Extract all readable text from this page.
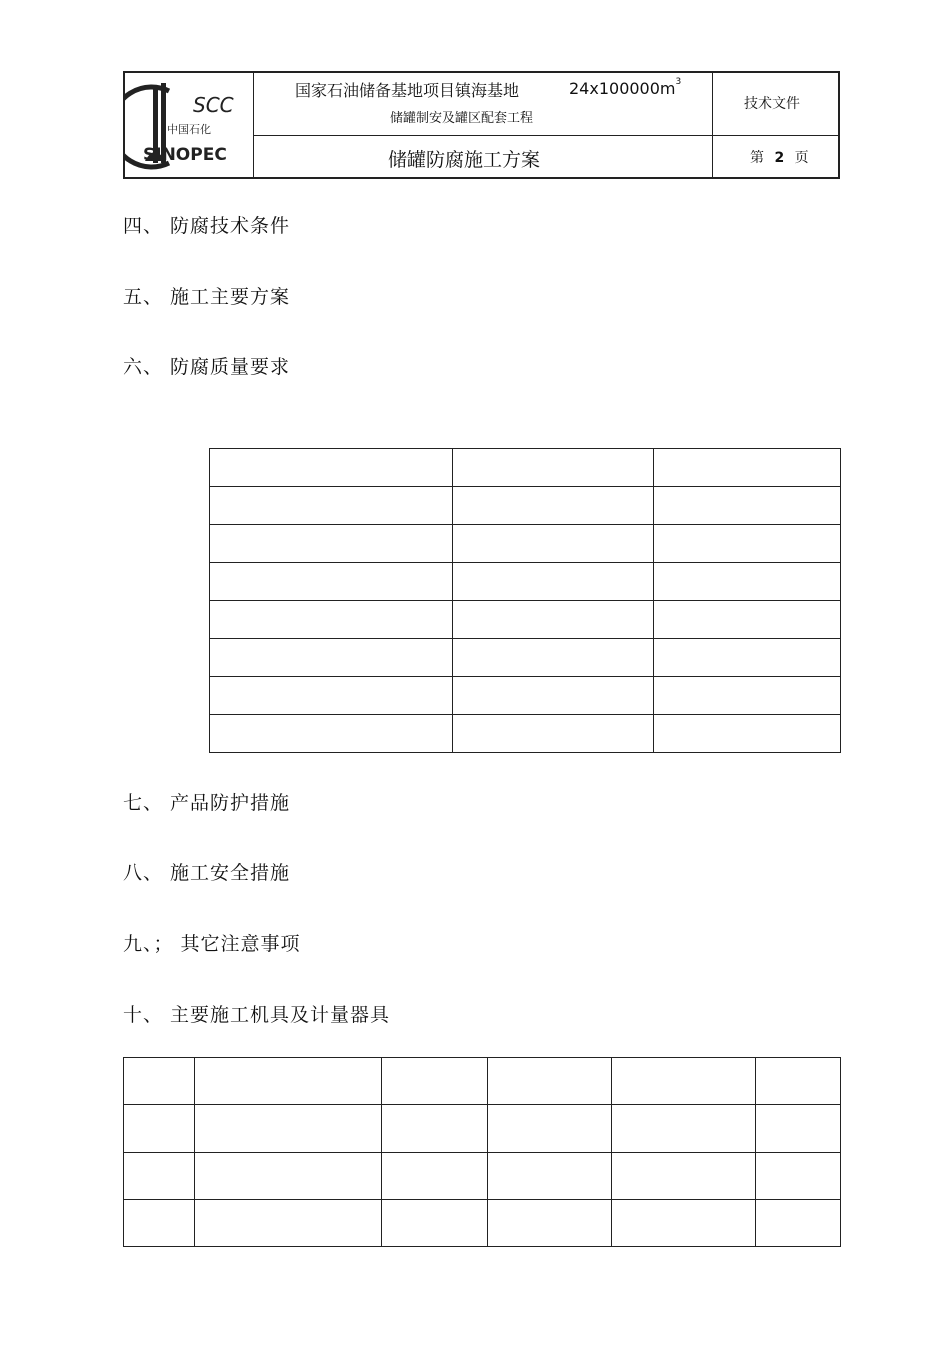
SCC
中国石化
SINOPEC
国家石油储备基地项目镇海基地	$24x100000m^3$
储罐制安及罐区配套工程
储罐防腐施工方案
技术文件
第 2 页
四、 防腐技术条件
五、 施工主要方案
六、 防腐质量要求

七、 产品防护措施
八、 施工安全措施
九、； 其它注意事项
十、 主要施工机具及计量器具
